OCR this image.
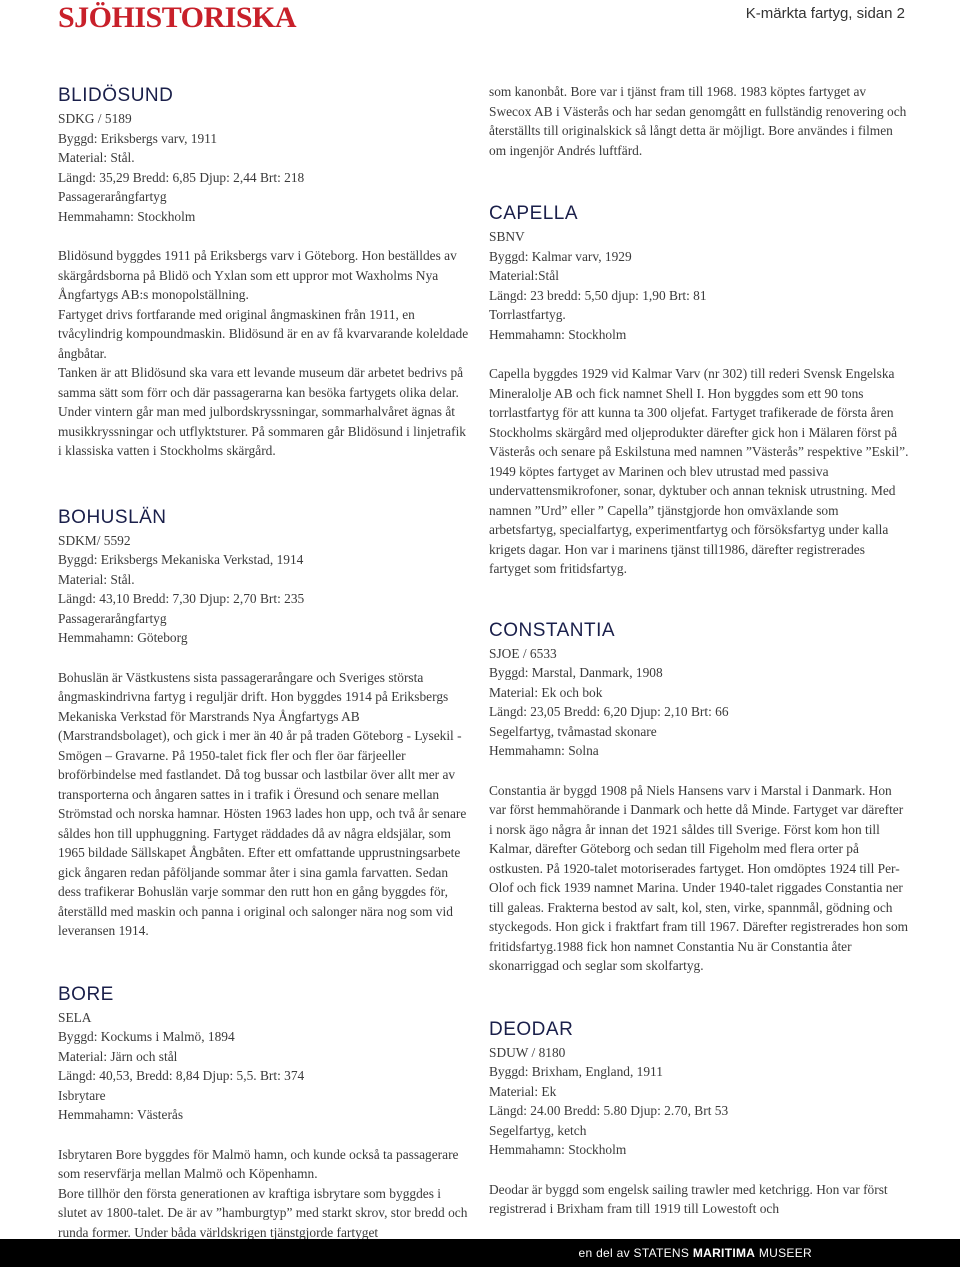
SJÖHISTORISKA	K-märkta fartyg, sidan 2
BLIDÖSUND
SDKG / 5189
Byggd: Eriksbergs varv, 1911
Material: Stål.
Längd: 35,29 Bredd: 6,85 Djup: 2,44 Brt: 218
Passagerarångfartyg
Hemmahamn: Stockholm

Blidösund byggdes 1911 på Eriksbergs varv i Göteborg. Hon beställdes av skärgårdsborna på Blidö och Yxlan som ett uppror mot Waxholms Nya Ångfartygs AB:s monopolställning.

Fartyget drivs fortfarande med original ångmaskinen från 1911, en tvåcylindrig kompoundmaskin. Blidösund är en av få kvarvarande koleldade ångbåtar.

Tanken är att Blidösund ska vara ett levande museum där arbetet bedrivs på samma sätt som förr och där passagerarna kan besöka fartygets olika delar. Under vintern går man med julbordskryssningar, sommarhalvåret ägnas åt musikkryssningar och utflyktsturer. På sommaren går Blidösund i linjetrafik i klassiska vatten i Stockholms skärgård.

BOHUSLÄN
SDKM/ 5592
Byggd: Eriksbergs Mekaniska Verkstad, 1914
Material: Stål.
Längd: 43,10 Bredd: 7,30 Djup: 2,70 Brt: 235
Passagerarångfartyg
Hemmahamn: Göteborg

Bohuslän är Västkustens sista passagerarångare och Sveriges största ångmaskindrivna fartyg i reguljär drift. Hon byggdes 1914 på Eriksbergs Mekaniska Verkstad för Marstrands Nya Ångfartygs AB (Marstrandsbolaget), och gick i mer än 40 år på traden Göteborg - Lysekil - Smögen – Gravarne. På 1950-talet fick fler och fler öar färjeeller broförbindelse med fastlandet. Då tog bussar och lastbilar över allt mer av transporterna och ångaren sattes in i trafik i Öresund och senare mellan Strömstad och norska hamnar. Hösten 1963 lades hon upp, och två år senare såldes hon till upphuggning. Fartyget räddades då av några eldsjälar, som 1965 bildade Sällskapet Ångbåten. Efter ett omfattande upprustningsarbete gick ångaren redan påföljande sommar åter i sina gamla farvatten. Sedan dess trafikerar Bohuslän varje sommar den rutt hon en gång byggdes för, återställd med maskin och panna i original och salonger nära nog som vid leveransen 1914.

BORE
SELA
Byggd: Kockums i Malmö, 1894
Material: Järn och stål
Längd: 40,53, Bredd: 8,84 Djup: 5,5. Brt: 374
Isbrytare
Hemmahamn: Västerås

Isbrytaren Bore byggdes för Malmö hamn, och kunde också ta passagerare som reservfärja mellan Malmö och Köpenhamn.

Bore tillhör den första generationen av kraftiga isbrytare som byggdes i slutet av 1800-talet. De är av ”hamburgtyp” med starkt skrov, stor bredd och runda former. Under båda världskrigen tjänstgjorde fartyget

som kanonbåt. Bore var i tjänst fram till 1968. 1983 köptes fartyget av Swecox AB i Västerås och har sedan genomgått en fullständig renovering och återställts till originalskick så långt detta är möjligt. Bore användes i filmen om ingenjör Andrés luftfärd.

CAPELLA
SBNV
Byggd: Kalmar varv, 1929
Material:Stål
Längd: 23 bredd: 5,50 djup: 1,90 Brt: 81
Torrlastfartyg.
Hemmahamn: Stockholm

Capella byggdes 1929 vid Kalmar Varv (nr 302) till rederi Svensk Engelska Mineralolje AB och fick namnet Shell I. Hon byggdes som ett 90 tons torrlastfartyg för att kunna ta 300 oljefat. Fartyget trafikerade de första åren Stockholms skärgård med oljeprodukter därefter gick hon i Mälaren först på Västerås och senare på Eskilstuna med namnen ”Västerås” respektive ”Eskil”. 1949 köptes fartyget av Marinen och blev utrustad med passiva undervattensmikrofoner, sonar, dyktuber och annan teknisk utrustning. Med namnen ”Urd” eller ” Capella” tjänstgjorde hon omväxlande som arbetsfartyg, specialfartyg, experimentfartyg och försöksfartyg under kalla krigets dagar. Hon var i marinens tjänst till1986, därefter registrerades fartyget som fritidsfartyg.

CONSTANTIA
SJOE / 6533
Byggd: Marstal, Danmark, 1908
Material: Ek och bok
Längd: 23,05 Bredd: 6,20 Djup: 2,10 Brt: 66
Segelfartyg, tvåmastad skonare
Hemmahamn: Solna

Constantia är byggd 1908 på Niels Hansens varv i Marstal i Danmark. Hon var först hemmahörande i Danmark och hette då Minde. Fartyget var därefter i norsk ägo några år innan det 1921 såldes till Sverige. Först kom hon till Kalmar, därefter Göteborg och sedan till Figeholm med flera orter på ostkusten. På 1920-talet motoriserades fartyget. Hon omdöptes 1924 till Per-Olof och fick 1939 namnet Marina. Under 1940-talet riggades Constantia ner till galeas. Frakterna bestod av salt, kol, sten, virke, spannmål, gödning och styckegods. Hon gick i fraktfart fram till 1967. Därefter registrerades hon som fritidsfartyg.1988 fick hon namnet Constantia Nu är Constantia åter skonarriggad och seglar som skolfartyg.

DEODAR
SDUW / 8180
Byggd: Brixham, England, 1911
Material: Ek
Längd: 24.00 Bredd: 5.80 Djup: 2.70, Brt 53
Segelfartyg, ketch
Hemmahamn: Stockholm

Deodar är byggd som engelsk sailing trawler med ketchrigg. Hon var först registrerad i Brixham fram till 1919 till Lowestoft och

en del av STATENS MARITIMA MUSEER
